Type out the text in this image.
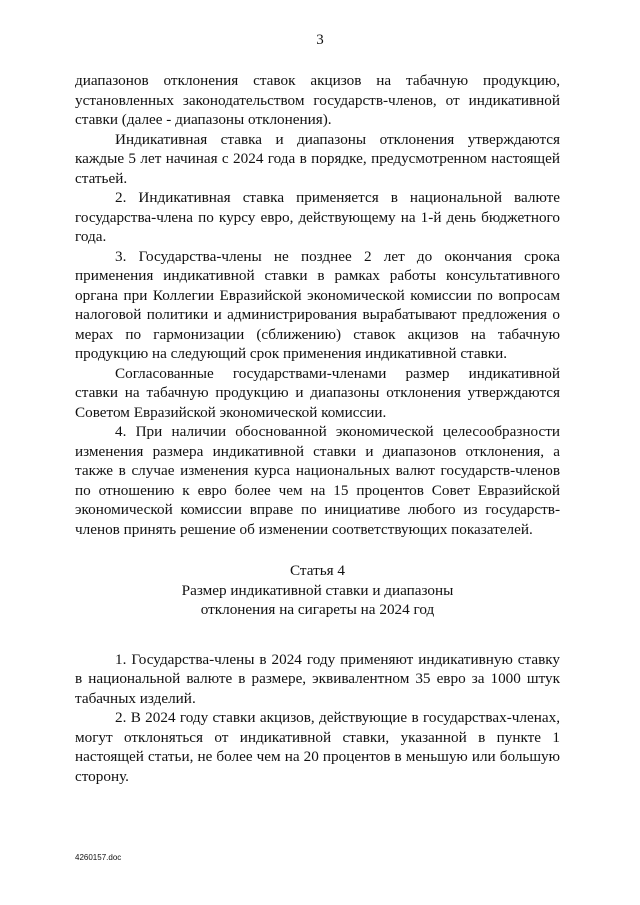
3

диапазонов отклонения ставок акцизов на табачную продукцию, установленных законодательством государств-членов, от индикативной ставки (далее - диапазоны отклонения).

Индикативная ставка и диапазоны отклонения утверждаются каждые 5 лет начиная с 2024 года в порядке, предусмотренном настоящей статьей.

2. Индикативная ставка применяется в национальной валюте государства-члена по курсу евро, действующему на 1-й день бюджетного года.

3. Государства-члены не позднее 2 лет до окончания срока применения индикативной ставки в рамках работы консультативного органа при Коллегии Евразийской экономической комиссии по вопросам налоговой политики и администрирования вырабатывают предложения о мерах по гармонизации (сближению) ставок акцизов на табачную продукцию на следующий срок применения индикативной ставки.

Согласованные государствами-членами размер индикативной ставки на табачную продукцию и диапазоны отклонения утверждаются Советом Евразийской экономической комиссии.

4. При наличии обоснованной экономической целесообразности изменения размера индикативной ставки и диапазонов отклонения, а также в случае изменения курса национальных валют государств-членов по отношению к евро более чем на 15 процентов Совет Евразийской экономической комиссии вправе по инициативе любого из государств-членов принять решение об изменении соответствующих показателей.

Статья 4
Размер индикативной ставки и диапазоны
отклонения на сигареты на 2024 год

1. Государства-члены в 2024 году применяют индикативную ставку в национальной валюте в размере, эквивалентном 35 евро за 1000 штук табачных изделий.

2. В 2024 году ставки акцизов, действующие в государствах-членах, могут отклоняться от индикативной ставки, указанной в пункте 1 настоящей статьи, не более чем на 20 процентов в меньшую или большую сторону.

4260157.doc
